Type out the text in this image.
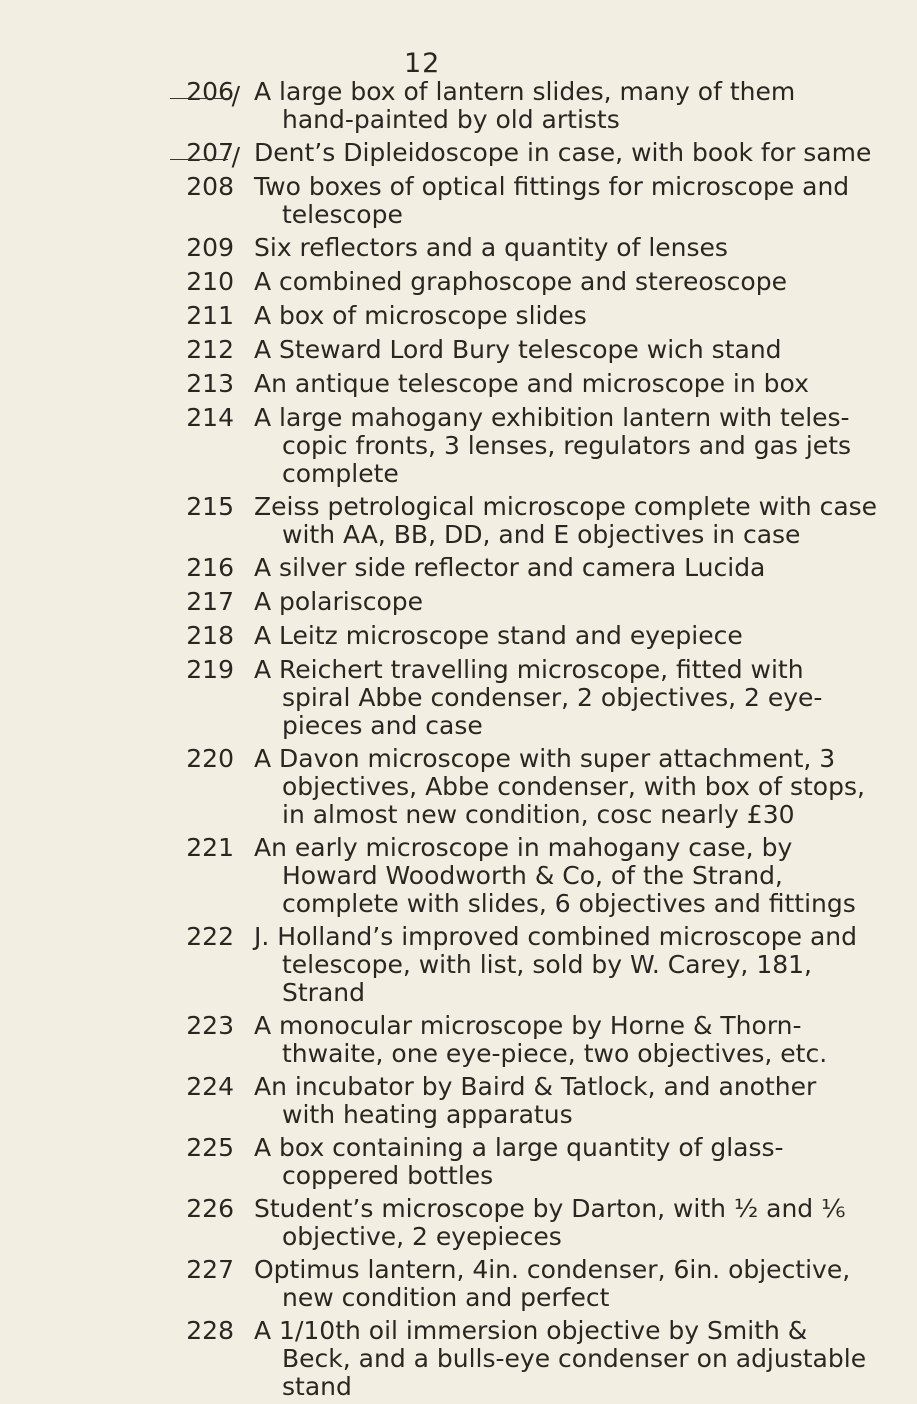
12
206
/ A large box of lantern slides, many of them
hand-painted by old artists
207
/ Dent’s Dipleidoscope in case, with book for same
208 Two boxes of optical fittings for microscope and
telescope
209 Six reflectors and a quantity of lenses
210 A combined graphoscope and stereoscope
211 A box of microscope slides
212 A Steward Lord Bury telescope wich stand
213 An antique telescope and microscope in box
214 A large mahogany exhibition lantern with teles-
copic fronts, 3 lenses, regulators and gas jets
complete
215 Zeiss petrological microscope complete with case
with AA, BB, DD, and E objectives in case
216 A silver side reflector and camera Lucida
217 A polariscope
218 A Leitz microscope stand and eyepiece
219 A Reichert travelling microscope, fitted with
spiral Abbe condenser, 2 objectives, 2 eye-
pieces and case
220 A Davon microscope with super attachment, 3
objectives, Abbe condenser, with box of stops,
in almost new condition, cosc nearly £30
221 An early microscope in mahogany case, by
Howard Woodworth & Co, of the Strand,
complete with slides, 6 objectives and fittings
222 J. Holland’s improved combined microscope and
telescope, with list, sold by W. Carey, 181,
Strand
223 A monocular microscope by Horne & Thorn-
thwaite, one eye-piece, two objectives, etc.
224 An incubator by Baird & Tatlock, and another
with heating apparatus
225 A box containing a large quantity of glass-
coppered bottles
226 Student’s microscope by Darton, with ½ and ⅙
objective, 2 eyepieces
227 Optimus lantern, 4in. condenser, 6in. objective,
new condition and perfect
228 A 1/10th oil immersion objective by Smith &
Beck, and a bulls-eye condenser on adjustable
stand
